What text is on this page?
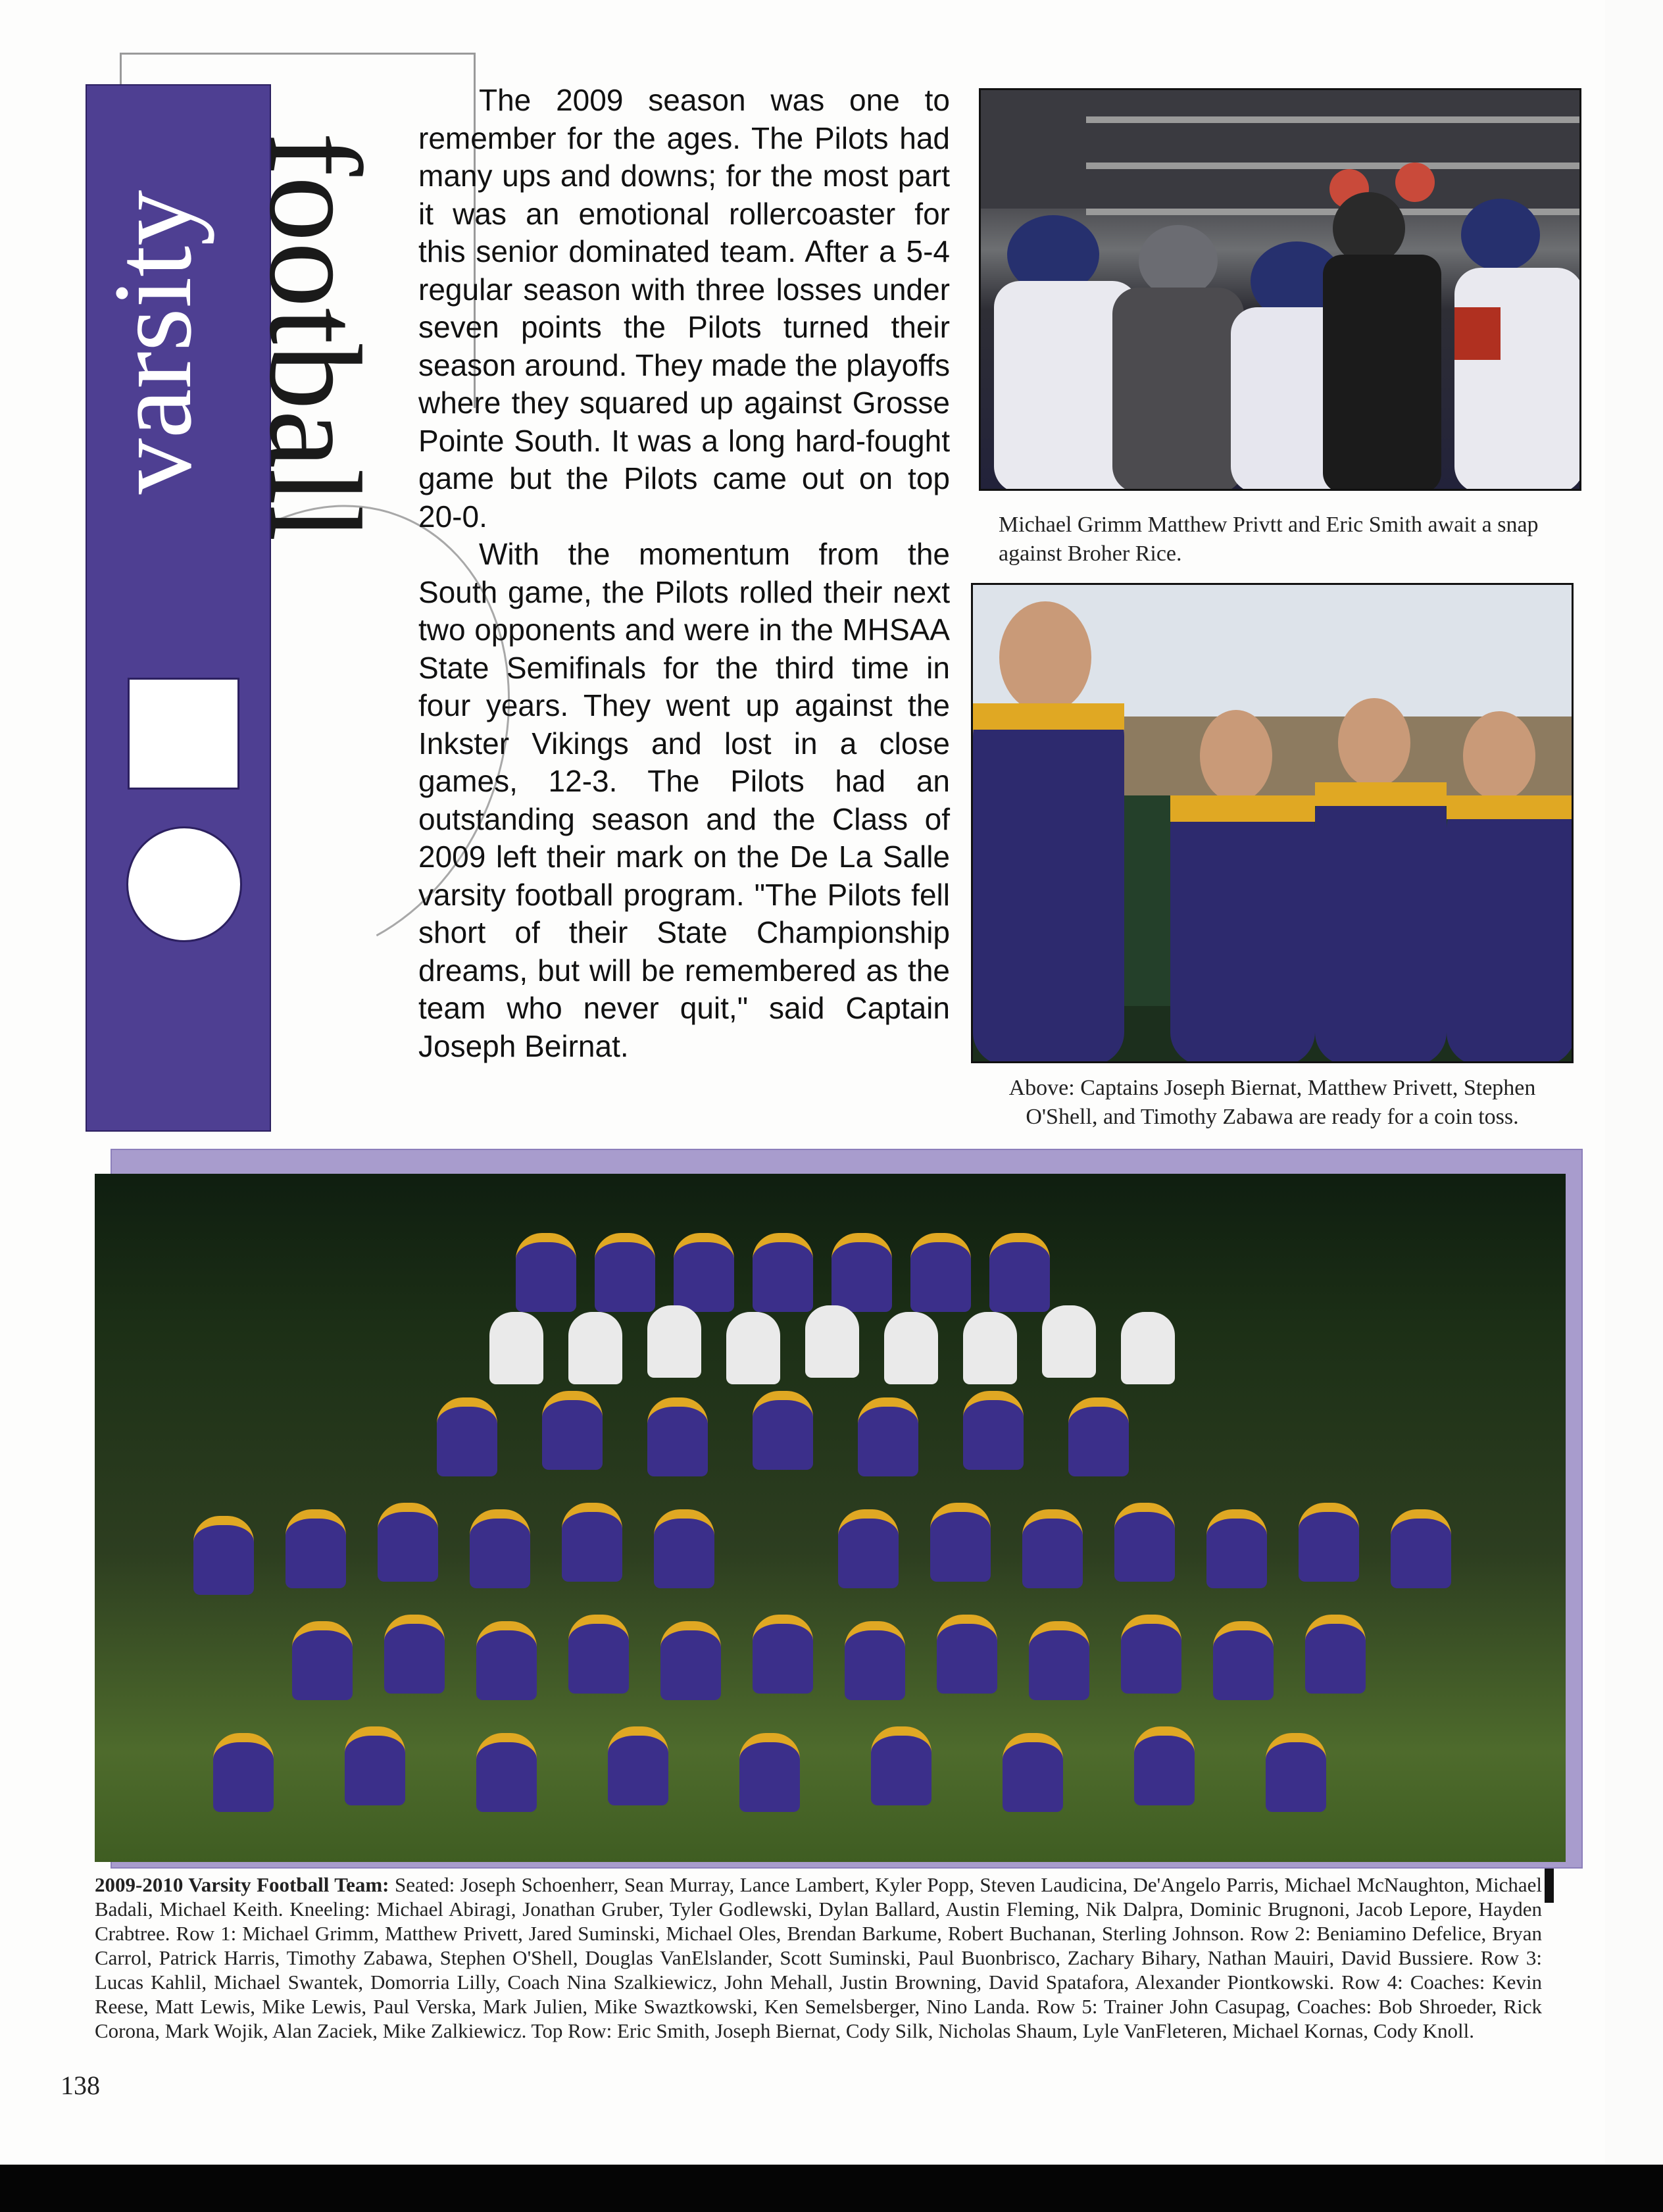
varsity football

The 2009 season was one to remember for the ages. The Pilots had many ups and downs; for the most part it was an emotional rollercoaster for this senior dominated team. After a 5-4 regular season with three losses under seven points the Pilots turned their season around. They made the playoffs where they squared up against Grosse Pointe South. It was a long hard-fought game but the Pilots came out on top 20-0.

With the momentum from the South game, the Pilots rolled their next two opponents and were in the MHSAA State Semifinals for the third time in four years. They went up against the Inkster Vikings and lost in a close games, 12-3. The Pilots had an outstanding season and the Class of 2009 left their mark on the De La Salle varsity football program. "The Pilots fell short of their State Championship dreams, but will be remembered as the team who never quit," said Captain Joseph Beirnat.

Michael Grimm Matthew Privtt and Eric Smith await a snap against Broher Rice.
Above: Captains Joseph Biernat, Matthew Privett, Stephen O'Shell, and Timothy Zabawa are ready for a coin toss.
2009-2010 Varsity Football Team: Seated: Joseph Schoenherr, Sean Murray, Lance Lambert, Kyler Popp, Steven Laudicina, De'Angelo Parris, Michael McNaughton, Michael Badali, Michael Keith. Kneeling: Michael Abiragi, Jonathan Gruber, Tyler Godlewski, Dylan Ballard, Austin Fleming, Nik Dalpra, Dominic Brugnoni, Jacob Lepore, Hayden Crabtree. Row 1: Michael Grimm, Matthew Privett, Jared Suminski, Michael Oles, Brendan Barkume, Robert Buchanan, Sterling Johnson. Row 2: Beniamino Defelice, Bryan Carrol, Patrick Harris, Timothy Zabawa, Stephen O'Shell, Douglas VanElslander, Scott Suminski, Paul Buonbrisco, Zachary Bihary, Nathan Mauiri, David Bussiere. Row 3: Lucas Kahlil, Michael Swantek, Domorria Lilly, Coach Nina Szalkiewicz, John Mehall, Justin Browning, David Spatafora, Alexander Piontkowski. Row 4: Coaches: Kevin Reese, Matt Lewis, Mike Lewis, Paul Verska, Mark Julien, Mike Swaztkowski, Ken Semelsberger, Nino Landa. Row 5: Trainer John Casupag, Coaches: Bob Shroeder, Rick Corona, Mark Wojik, Alan Zaciek, Mike Zalkiewicz. Top Row: Eric Smith, Joseph Biernat, Cody Silk, Nicholas Shaum, Lyle VanFleteren, Michael Kornas, Cody Knoll.
138
